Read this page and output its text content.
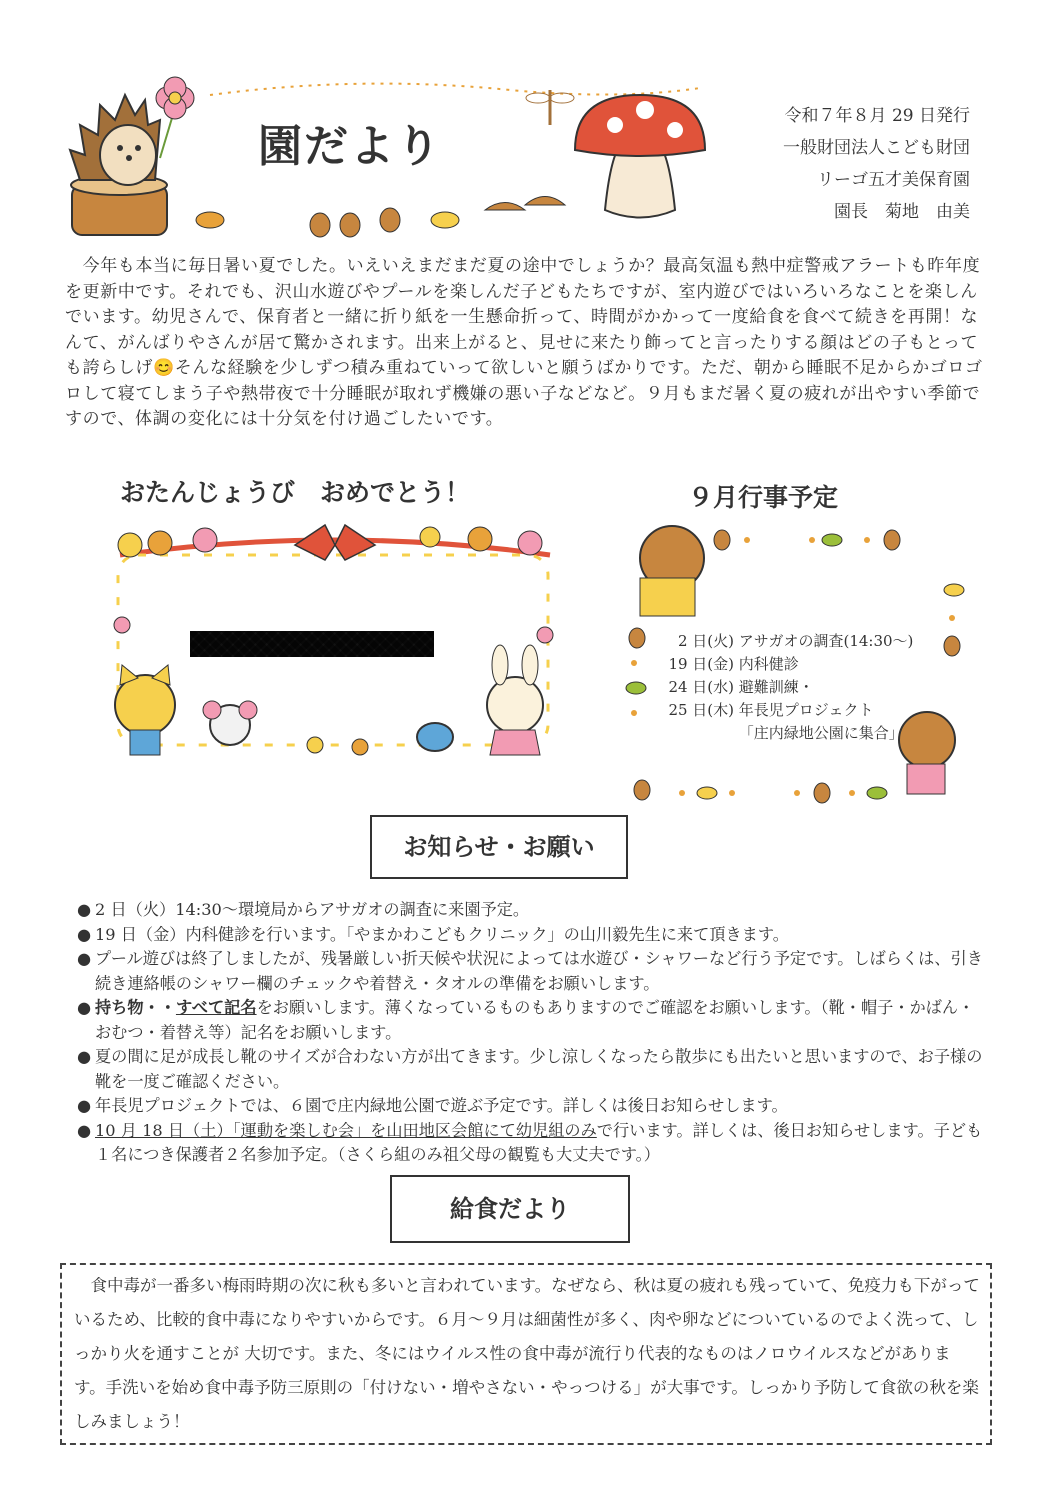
園だより
令和７年８月 29 日発行
一般財団法人こども財団
リーゴ五才美保育園
園長　菊地　由美
　今年も本当に毎日暑い夏でした。いえいえまだまだ夏の途中でしょうか？最高気温も熱中症警戒アラートも昨年度を更新中です。それでも、沢山水遊びやプールを楽しんだ子どもたちですが、室内遊びではいろいろなことを楽しんでいます。幼児さんで、保育者と一緒に折り紙を一生懸命折って、時間がかかって一度給食を食べて続きを再開！なんて、がんばりやさんが居て驚かされます。出来上がると、見せに来たり飾ってと言ったりする顔はどの子もとっても誇らしげ😊そんな経験を少しずつ積み重ねていって欲しいと願うばかりです。ただ、朝から睡眠不足からかゴロゴロして寝てしまう子や熱帯夜で十分睡眠が取れず機嫌の悪い子などなど。９月もまだ暑く夏の疲れが出やすい季節ですので、体調の変化には十分気を付け過ごしたいです。
おたんじょうび　おめでとう！	９月行事予定
2 日(火) アサガオの調査(14:30～)
19 日(金) 内科健診
24 日(水) 避難訓練・
25 日(木) 年長児プロジェクト
「庄内緑地公園に集合」
お知らせ・お願い
● 2 日（火）14:30～環境局からアサガオの調査に来園予定。
● 19 日（金）内科健診を行います。「やまかわこどもクリニック」の山川毅先生に来て頂きます。
● プール遊びは終了しましたが、残暑厳しい折天候や状況によっては水遊び・シャワーなど行う予定です。しばらくは、引き続き連絡帳のシャワー欄のチェックや着替え・タオルの準備をお願いします。
● 持ち物・・すべて記名をお願いします。薄くなっているものもありますのでご確認をお願いします。（靴・帽子・かばん・おむつ・着替え等）記名をお願いします。
● 夏の間に足が成長し靴のサイズが合わない方が出てきます。少し涼しくなったら散歩にも出たいと思いますので、お子様の靴を一度ご確認ください。
● 年長児プロジェクトでは、６園で庄内緑地公園で遊ぶ予定です。詳しくは後日お知らせします。
● 10 月 18 日（土）「運動を楽しむ会」を山田地区会館にて幼児組のみで行います。詳しくは、後日お知らせします。子ども１名につき保護者２名参加予定。（さくら組のみ祖父母の観覧も大丈夫です。）
給食だより
　食中毒が一番多い梅雨時期の次に秋も多いと言われています。なぜなら、秋は夏の疲れも残っていて、免疫力も下がっているため、比較的食中毒になりやすいからです。６月～９月は細菌性が多く、肉や卵などについているのでよく洗って、しっかり火を通すことが 大切です。また、冬にはウイルス性の食中毒が流行り代表的なものはノロウイルスなどがあります。手洗いを始め食中毒予防三原則の「付けない・増やさない・やっつける」が大事です。しっかり予防して食欲の秋を楽しみましょう！
